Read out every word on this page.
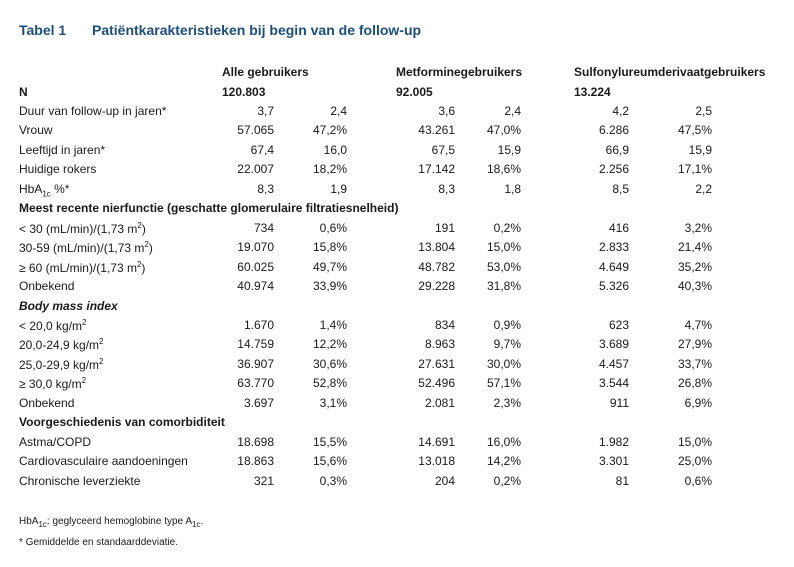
Tabel 1 Patiëntkarakteristieken bij begin van de follow-up
Alle gebruikers	Metforminegebruikers	Sulfonylureumderivaatgebruikers
N	120.803	92.005	13.224
Duur van follow-up in jaren*	3,7	2,4	3,6	2,4	4,2	2,5
Vrouw	57.065	47,2%	43.261	47,0%	6.286	47,5%
Leeftijd in jaren*	67,4	16,0	67,5	15,9	66,9	15,9
Huidige rokers	22.007	18,2%	17.142	18,6%	2.256	17,1%
HbA$_{1c}$ %*	8,3	1,9	8,3	1,8	8,5	2,2
Meest recente nierfunctie (geschatte glomerulaire filtratiesnelheid)
< 30 (mL/min)/(1,73 $m^2$)	734	0,6%	191	0,2%	416	3,2%
30-59 (mL/min)/(1,73 $m^2$)	19.070	15,8%	13.804	15,0%	2.833	21,4%
≥ 60 (mL/min)/(1,73 $m^2$)	60.025	49,7%	48.782	53,0%	4.649	35,2%
Onbekend	40.974	33,9%	29.228	31,8%	5.326	40,3%
Body mass index
< 20,0 $kg/m^2$	1.670	1,4%	834	0,9%	623	4,7%
20,0-24,9 $kg/m^2$	14.759	12,2%	8.963	9,7%	3.689	27,9%
25,0-29,9 $kg/m^2$	36.907	30,6%	27.631	30,0%	4.457	33,7%
≥ 30,0 $kg/m^2$	63.770	52,8%	52.496	57,1%	3.544	26,8%
Onbekend	3.697	3,1%	2.081	2,3%	911	6,9%
Voorgeschiedenis van comorbiditeit
Astma/COPD	18.698	15,5%	14.691	16,0%	1.982	15,0%
Cardiovasculaire aandoeningen	18.863	15,6%	13.018	14,2%	3.301	25,0%
Chronische leverziekte	321	0,3%	204	0,2%	81	0,6%
HbA$_{1c}$: geglyceerd hemoglobine type $A_{1c}$.
* Gemiddelde en standaarddeviatie.
